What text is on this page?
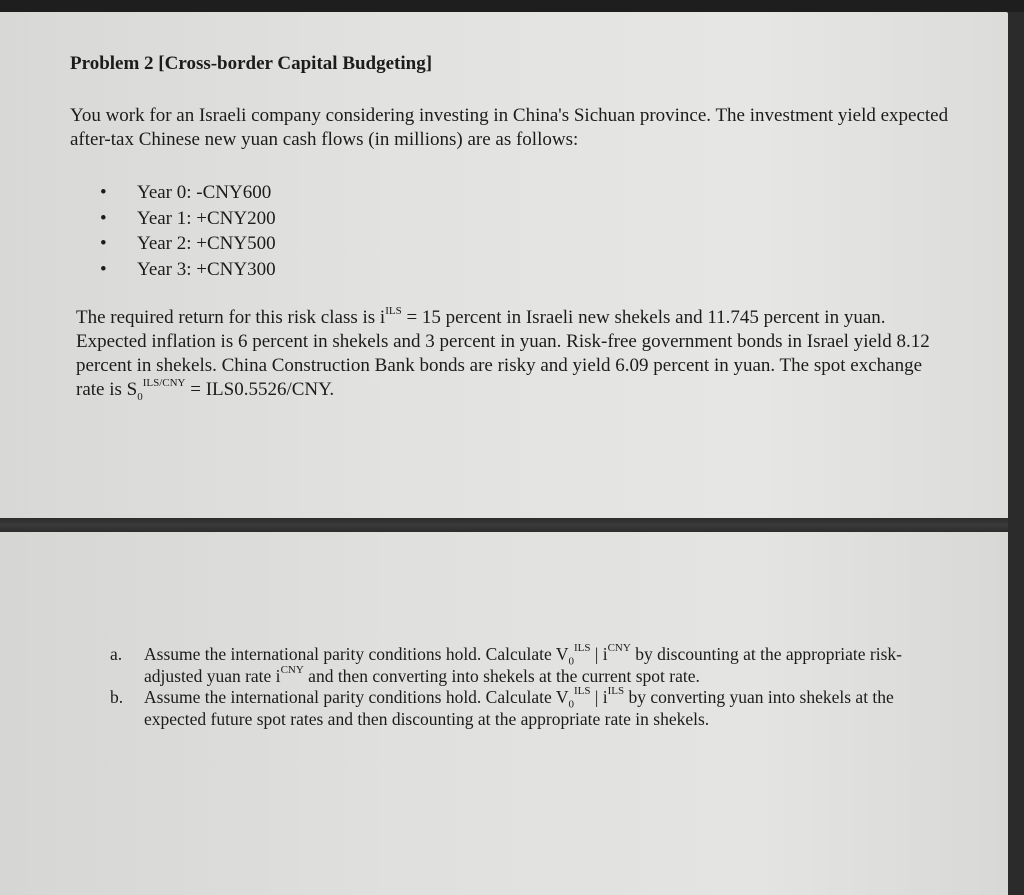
Problem 2 [Cross-border Capital Budgeting]
You work for an Israeli company considering investing in China's Sichuan province. The investment yield expected after-tax Chinese new yuan cash flows (in millions) are as follows:
• Year 0: -CNY600
• Year 1: +CNY200
• Year 2: +CNY500
• Year 3: +CNY300
The required return for this risk class is $i^{ILS} = 15$ percent in Israeli new shekels and 11.745 percent in yuan. Expected inflation is 6 percent in shekels and 3 percent in yuan. Risk-free government bonds in Israel yield 8.12 percent in shekels. China Construction Bank bonds are risky and yield 6.09 percent in yuan. The spot exchange rate is $S_0^{ILS/CNY} = ILS0.5526/CNY$.
a. Assume the international parity conditions hold. Calculate $V_0^{ILS}$ | $i^{CNY}$ by discounting at the appropriate risk-adjusted yuan rate $i^{CNY}$ and then converting into shekels at the current spot rate.
b. Assume the international parity conditions hold. Calculate $V_0^{ILS}$ | $i^{ILS}$ by converting yuan into shekels at the expected future spot rates and then discounting at the appropriate rate in shekels.
